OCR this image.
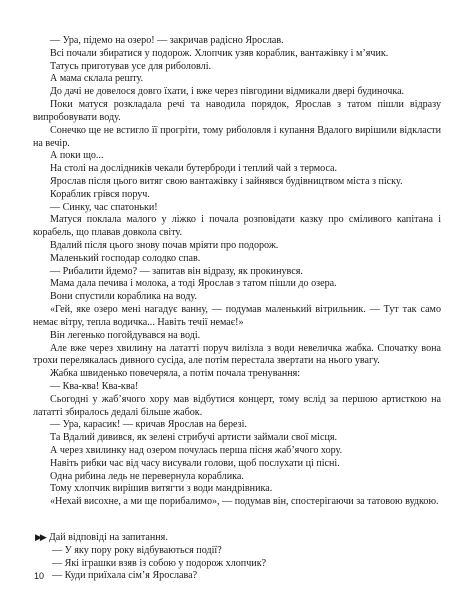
— Ура, підемо на озеро! — закричав радісно Ярослав.

Всі почали збиратися у подорож. Хлопчик узяв кораблик, вантажівку і м’ячик.

Татусь приготував усе для риболовлі.

А мама склала решту.

До дачі не довелося довго їхати, і вже через півгодини відмикали двері будиночка.

Поки матуся розкладала речі та наводила порядок, Ярослав з татом пішли відразу випробовувати воду.

Сонечко ще не встигло її прогріти, тому риболовля і купання Вдалого вирішили відкласти на вечір.

А поки що...

На столі на дослідників чекали бутерброди і теплий чай з термоса.

Ярослав після цього витяг свою вантажівку і зайнявся будівництвом міста з піску.

Кораблик грівся поруч.

— Синку, час спатоньки!

Матуся поклала малого у ліжко і почала розповідати казку про сміливого капітана і корабель, що плавав довкола світу.

Вдалий після цього знову почав мріяти про подорож.

Маленький господар солодко спав.

— Рибалити йдемо? — запитав він відразу, як прокинувся.

Мама дала печива і молока, а тоді Ярослав з татом пішли до озера.

Вони спустили кораблика на воду.

«Гей, яке озеро мені нагадує ванну, — подумав маленький вітрильник. — Тут так само немає вітру, тепла водичка... Навіть течії немає!»

Він легенько погойдувався на воді.

Але вже через хвилину на лататті поруч вилізла з води невеличка жабка. Спочатку вона трохи перелякалась дивного сусіда, але потім перестала звертати на нього увагу.

Жабка швиденько повечеряла, а потім почала тренування:

— Ква-ква! Ква-ква!

Сьогодні у жаб’ячого хору мав відбутися концерт, тому вслід за першою артисткою на лататті збиралось дедалі більше жабок.

— Ура, карасик! — кричав Ярослав на березі.

Та Вдалий дивився, як зелені стрибучі артисти займали свої місця.

А через хвилинку над озером почулась перша пісня жаб’ячого хору.

Навіть рибки час від часу висували голови, щоб послухати ці пісні.

Одна рибина ледь не перевернула кораблика.

Тому хлопчик вирішив витягти з води мандрівника.

«Нехай висохне, а ми ще порибалимо», — подумав він, спостерігаючи за татовою вудкою.

▶▶ Дай відповіді на запитання.

— У яку пору року відбуваються події?
— Які іграшки взяв із собою у подорож хлопчик?
— Куди приїхала сім’я Ярослава?
10
